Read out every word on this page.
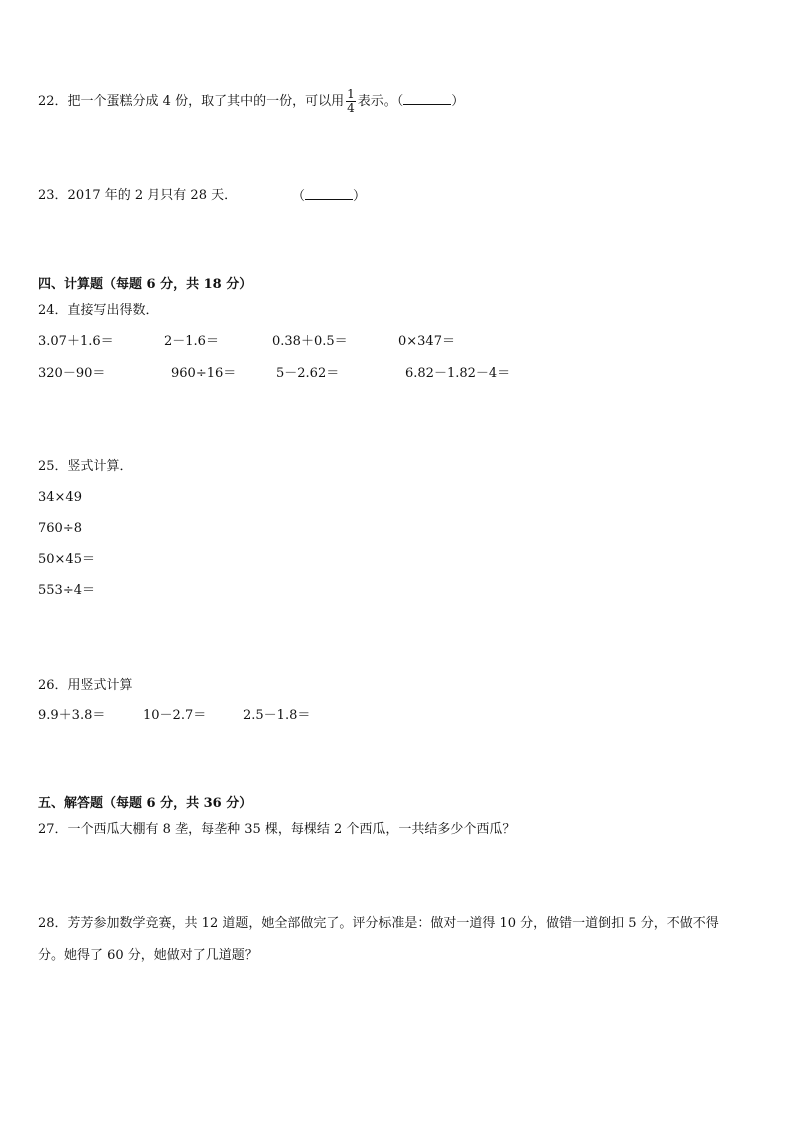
22．把一个蛋糕分成 4 份，取了其中的一份，可以用 $\frac{1}{4}$ 表示。（	）
23．2017 年的 2 月只有 28 天．	（	）
四、计算题（每题 6 分，共 18 分）
24．直接写出得数．
3.07＋1.6＝	2－1.6＝	0.38＋0.5＝	0×347＝
320－90＝	960÷16＝	5－2.62＝	6.82－1.82－4＝
25．竖式计算．
34×49
760÷8
50×45＝
553÷4＝
26．用竖式计算
9.9＋3.8＝	10－2.7＝	2.5－1.8＝
五、解答题（每题 6 分，共 36 分）
27．一个西瓜大棚有 8 垄，每垄种 35 棵，每棵结 2 个西瓜，一共结多少个西瓜？
28．芳芳参加数学竞赛，共 12 道题，她全部做完了。评分标准是：做对一道得 10 分，做错一道倒扣 5 分，不做不得
分。她得了 60 分，她做对了几道题？
